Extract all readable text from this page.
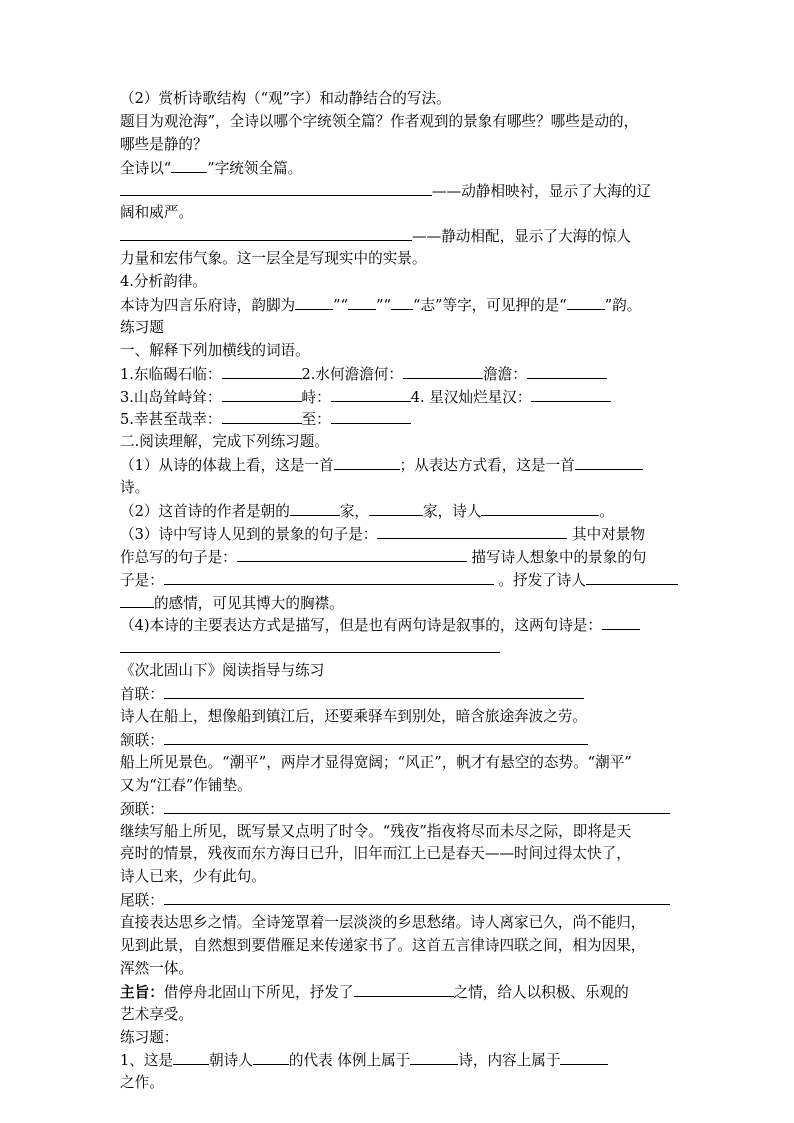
（2）赏析诗歌结构（“观”字）和动静结合的写法。
题目为观沧海”，全诗以哪个字统领全篇？作者观到的景象有哪些？哪些是动的，
哪些是静的？
全诗以“ ”字统领全篇。
——动静相映衬，显示了大海的辽
阔和威严。
——静动相配，显示了大海的惊人
力量和宏伟气象。这一层全是写现实中的实景。
4.分析韵律。
本诗为四言乐府诗，韵脚为	”“ ”“ “志”等字，可见押的是“	”韵。
练习题
一、解释下列加横线的词语。
1.东临碣石临：	2.水何澹澹何：	澹澹：
3.山岛耸峙耸：	峙：	4. 星汉灿烂星汉：
5.幸甚至哉幸：	至：
二.阅读理解，完成下列练习题。
（1）从诗的体裁上看，这是一首	；从表达方式看，这是一首
诗。
（2）这首诗的作者是朝的	家，	家，诗人	。
（3）诗中写诗人见到的景象的句子是：	其中对景物
作总写的句子是：	描写诗人想象中的景象的句
子是：	。抒发了诗人
的感情，可见其博大的胸襟。
（4)本诗的主要表达方式是描写，但是也有两句诗是叙事的，这两句诗是：
《次北固山下》阅读指导与练习
首联：
诗人在船上，想像船到镇江后，还要乘驿车到别处，暗含旅途奔波之劳。
颔联：
船上所见景色。“潮平”，两岸才显得宽阔；“风正”，帆才有悬空的态势。“潮平”
又为“江春”作铺垫。
颈联：
继续写船上所见，既写景又点明了时令。“残夜”指夜将尽而未尽之际，即将是天
亮时的情景，残夜而东方海日已升，旧年而江上已是春天——时间过得太快了，
诗人已来，少有此句。
尾联：
直接表达思乡之情。全诗笼罩着一层淡淡的乡思愁绪。诗人离家已久，尚不能归，
见到此景，自然想到要借雁足来传递家书了。这首五言律诗四联之间，相为因果，
浑然一体。
主旨：借停舟北固山下所见，抒发了	之情，给人以积极、乐观的
艺术享受。
练习题：
1、这是 朝诗人 的代表 体例上属于	诗，内容上属于
之作。
